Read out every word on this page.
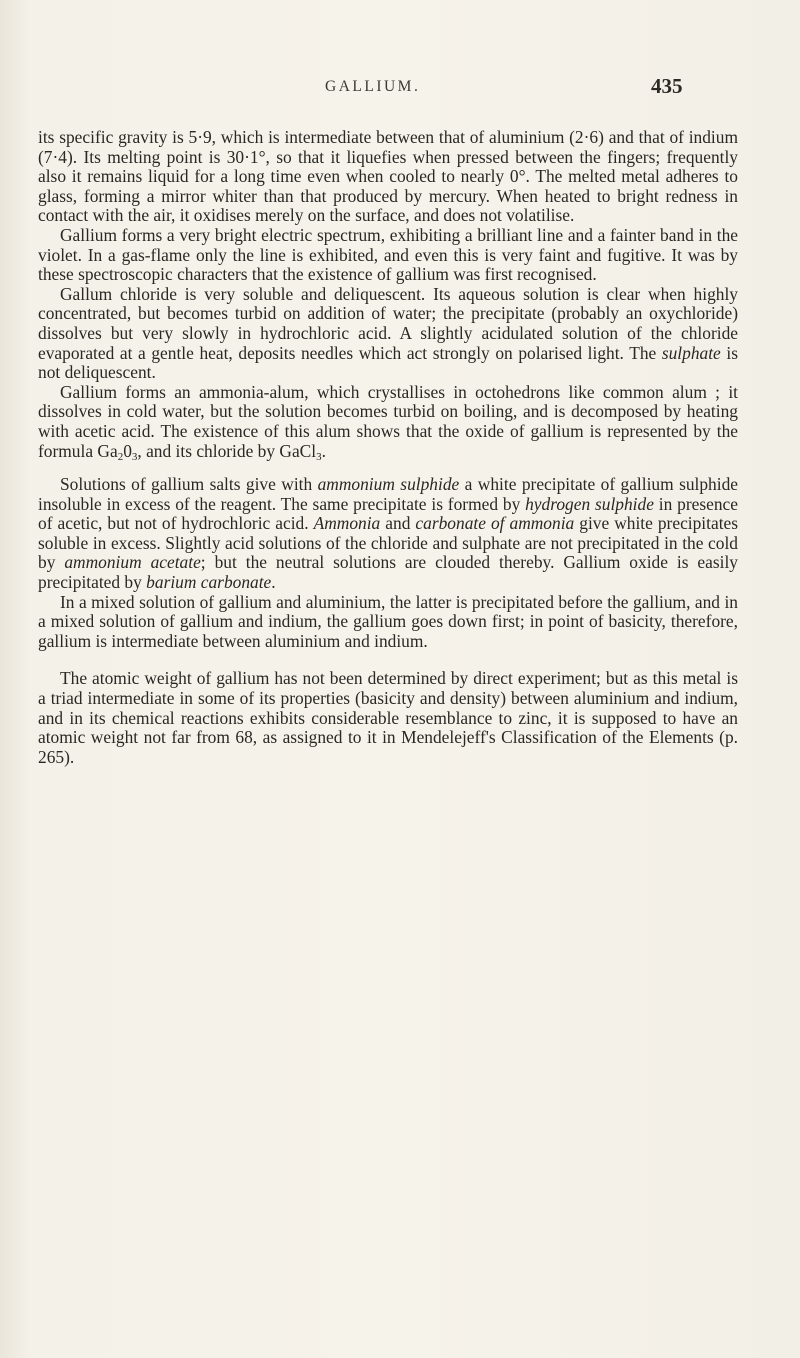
GALLIUM.	435

its specific gravity is 5·9, which is intermediate between that of aluminium (2·6) and that of indium (7·4). Its melting point is 30·1°, so that it liquefies when pressed between the fingers; frequently also it remains liquid for a long time even when cooled to nearly 0°. The melted metal adheres to glass, forming a mirror whiter than that produced by mercury. When heated to bright redness in contact with the air, it oxidises merely on the surface, and does not volatilise.

Gallium forms a very bright electric spectrum, exhibiting a brilliant line and a fainter band in the violet. In a gas-flame only the line is exhibited, and even this is very faint and fugitive. It was by these spectroscopic characters that the existence of gallium was first recognised.

Gallum chloride is very soluble and deliquescent. Its aqueous solution is clear when highly concentrated, but becomes turbid on addition of water; the precipitate (probably an oxychloride) dissolves but very slowly in hydrochloric acid. A slightly acidulated solution of the chloride evaporated at a gentle heat, deposits needles which act strongly on polarised light. The sulphate is not deliquescent.

Gallium forms an ammonia-alum, which crystallises in octohedrons like common alum ; it dissolves in cold water, but the solution becomes turbid on boiling, and is decomposed by heating with acetic acid. The existence of this alum shows that the oxide of gallium is represented by the formula $Ga_20_3$, and its chloride by GaCl$_3$.

Solutions of gallium salts give with ammonium sulphide a white precipitate of gallium sulphide insoluble in excess of the reagent. The same precipitate is formed by hydrogen sulphide in presence of acetic, but not of hydrochloric acid. Ammonia and carbonate of ammonia give white precipitates soluble in excess. Slightly acid solutions of the chloride and sulphate are not precipitated in the cold by ammonium acetate; but the neutral solutions are clouded thereby. Gallium oxide is easily precipitated by barium carbonate.

In a mixed solution of gallium and aluminium, the latter is precipitated before the gallium, and in a mixed solution of gallium and indium, the gallium goes down first; in point of basicity, therefore, gallium is intermediate between aluminium and indium.

The atomic weight of gallium has not been determined by direct experiment; but as this metal is a triad intermediate in some of its properties (basicity and density) between aluminium and indium, and in its chemical reactions exhibits considerable resemblance to zinc, it is supposed to have an atomic weight not far from 68, as assigned to it in Mendelejeff's Classification of the Elements (p. 265).
